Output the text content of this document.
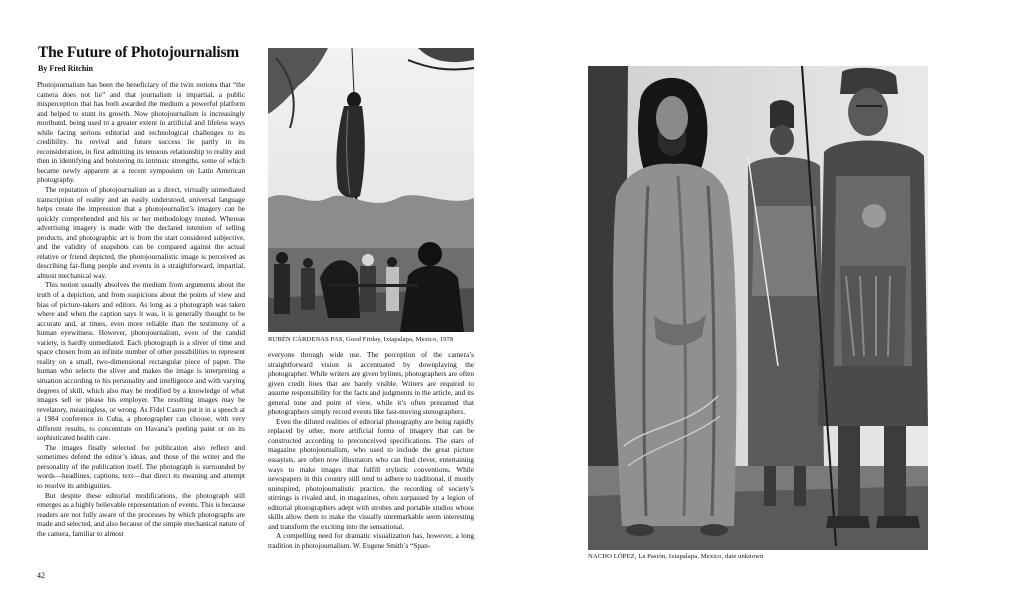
The Future of Photojournalism
By Fred Ritchin

Photojournalism has been the beneficiary of the twin notions that “the camera does not lie” and that journalism is impartial, a public misperception that has both awarded the medium a powerful platform and helped to stunt its growth. Now photojournalism is increasingly moribund, being used to a greater extent in artificial and lifeless ways while facing serious editorial and technological challenges to its credibility. Its revival and future success lie partly in its reconsideration, in first admitting its tenuous relationship to reality and then in identifying and bolstering its intrinsic strengths, some of which became newly apparent at a recent symposium on Latin American photography.

The reputation of photojournalism as a direct, virtually unmediated transcription of reality and an easily understood, universal language helps create the impression that a photojournalist’s imagery can be quickly comprehended and his or her methodology trusted. Whereas advertising imagery is made with the declared intention of selling products, and photographic art is from the start considered subjective, and the validity of snapshots can be compared against the actual relative or friend depicted, the photojournalistic image is perceived as describing far-flung people and events in a straightforward, impartial, almost mechanical way.

This notion usually absolves the medium from arguments about the truth of a depiction, and from suspicions about the points of view and bias of picture-takers and editors. As long as a photograph was taken where and when the caption says it was, it is generally thought to be accurate and, at times, even more reliable than the testimony of a human eyewitness. However, photojournalism, even of the candid variety, is hardly unmediated. Each photograph is a sliver of time and space chosen from an infinite number of other possibilities to represent reality on a small, two-dimensional rectangular piece of paper. The human who selects the sliver and makes the image is interpreting a situation according to his personality and intelligence and with varying degrees of skill, which also may be modified by a knowledge of what images sell or please his employer. The resulting images may be revelatory, meaningless, or wrong. As Fidel Castro put it in a speech at a 1984 conference in Cuba, a photographer can choose, with very different results, to concentrate on Havana’s peeling paint or on its sophisticated health care.

The images finally selected for publication also reflect and sometimes defend the editor’s ideas, and those of the writer and the personality of the publication itself. The photograph is surrounded by words—headlines, captions, text—that direct its meaning and attempt to resolve its ambiguities.

But despite these editorial modifications, the photograph still emerges as a highly believable representation of events. This is because readers are not fully aware of the processes by which photographs are made and selected, and also because of the simple mechanical nature of the camera, familiar to almost

42
RUBÉN CÁRDENAS PAS, Good Friday, Ixtapalapa, Mexico, 1978

everyone through wide use. The perception of the camera’s straightforward vision is accentuated by downplaying the photographer. While writers are given bylines, photographers are often given credit lines that are barely visible. Writers are required to assume responsibility for the facts and judgments in the article, and its general tone and point of view, while it’s often presumed that photographers simply record events like fast-moving stenographers.

Even the diluted realities of editorial photography are being rapidly replaced by other, more artificial forms of imagery that can be constructed according to preconceived specifications. The stars of magazine photojournalism, who used to include the great picture essayists, are often now illustrators who can find clever, entertaining ways to make images that fulfill stylistic conventions. While newspapers in this country still tend to adhere to traditional, if mostly uninspired, photojournalistic practice, the recording of society’s stirrings is rivaled and, in magazines, often surpassed by a legion of editorial photographers adept with strobes and portable studios whose skills allow them to make the visually unremarkable seem interesting and transform the exciting into the sensational.

A compelling need for dramatic visualization has, however, a long tradition in photojournalism. W. Eugene Smith’s “Span-

NACHO LÓPEZ, La Pasión, Ixtapalapa, Mexico, date unknown
